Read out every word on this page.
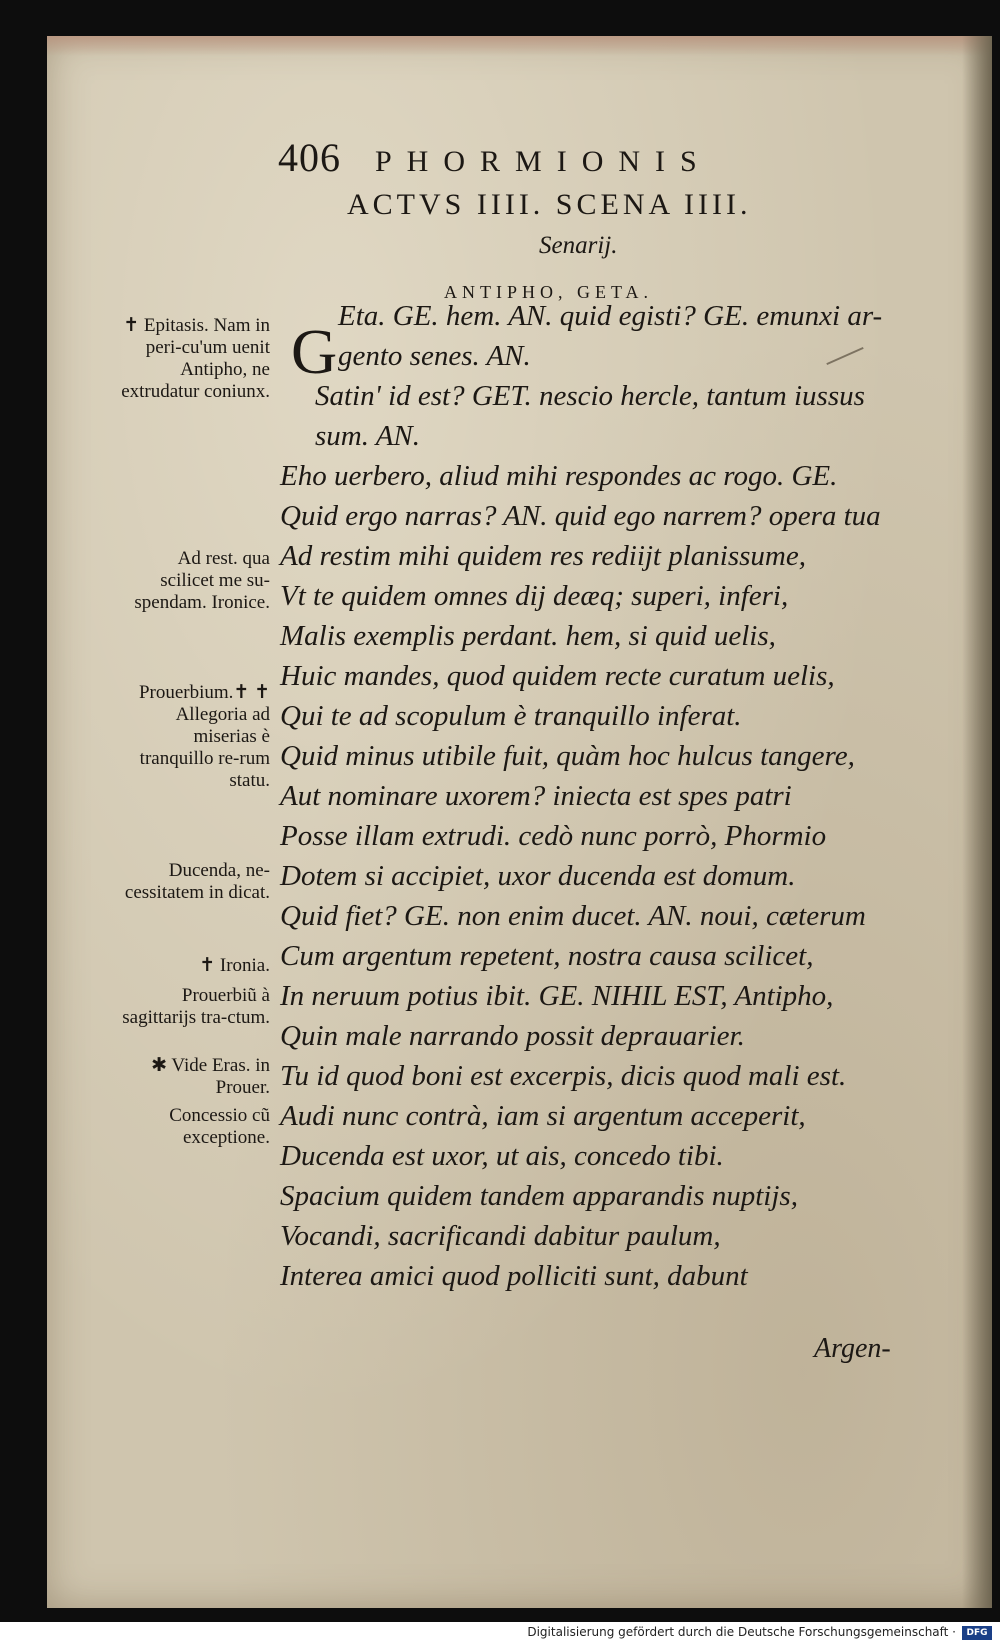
406 PHORMIONIS
ACTVS IIII. SCENA IIII.
Senarij.
ANTIPHO, GETA.
G Eta. GE. hem. AN. quid egisti? GE. emunxi ar-
gento senes. AN.
Satin' id est? GET. nescio hercle, tantum iussus
sum. AN.
Eho uerbero, aliud mihi respondes ac rogo. GE.
Quid ergo narras? AN. quid ego narrem? opera tua
Ad restim mihi quidem res rediijt planissume,
Vt te quidem omnes dij deæq; superi, inferi,
Malis exemplis perdant. hem, si quid uelis,
Huic mandes, quod quidem recte curatum uelis,
Qui te ad scopulum è tranquillo inferat.
Quid minus utibile fuit, quàm hoc hulcus tangere,
Aut nominare uxorem? iniecta est spes patri
Posse illam extrudi. cedò nunc porrò, Phormio
Dotem si accipiet, uxor ducenda est domum.
Quid fiet? GE. non enim ducet. AN. noui, cæterum
Cum argentum repetent, nostra causa scilicet,
In neruum potius ibit. GE. NIHIL EST, Antipho,
Quin male narrando possit deprauarier.
Tu id quod boni est excerpis, dicis quod mali est.
Audi nunc contrà, iam si argentum acceperit,
Ducenda est uxor, ut ais, concedo tibi.
Spacium quidem tandem apparandis nuptijs,
Vocandi, sacrificandi dabitur paulum,
Interea amici quod polliciti sunt, dabunt
✝ Epitasis. Nam in peri-cu'um uenit Antipho, ne extrudatur coniunx.
Ad rest. qua scilicet me su-spendam. Ironice.
Prouerbium.✝ ✝ Allegoria ad miserias è tranquillo re-rum statu.
Ducenda, ne-cessitatem in dicat.
✝ Ironia.
Prouerbiũ à sagittarijs tra-ctum.
✱ Vide Eras. in Prouer.
Concessio cũ exceptione.
Argen-
Digitalisierung gefördert durch die Deutsche Forschungsgemeinschaft ·	DFG
